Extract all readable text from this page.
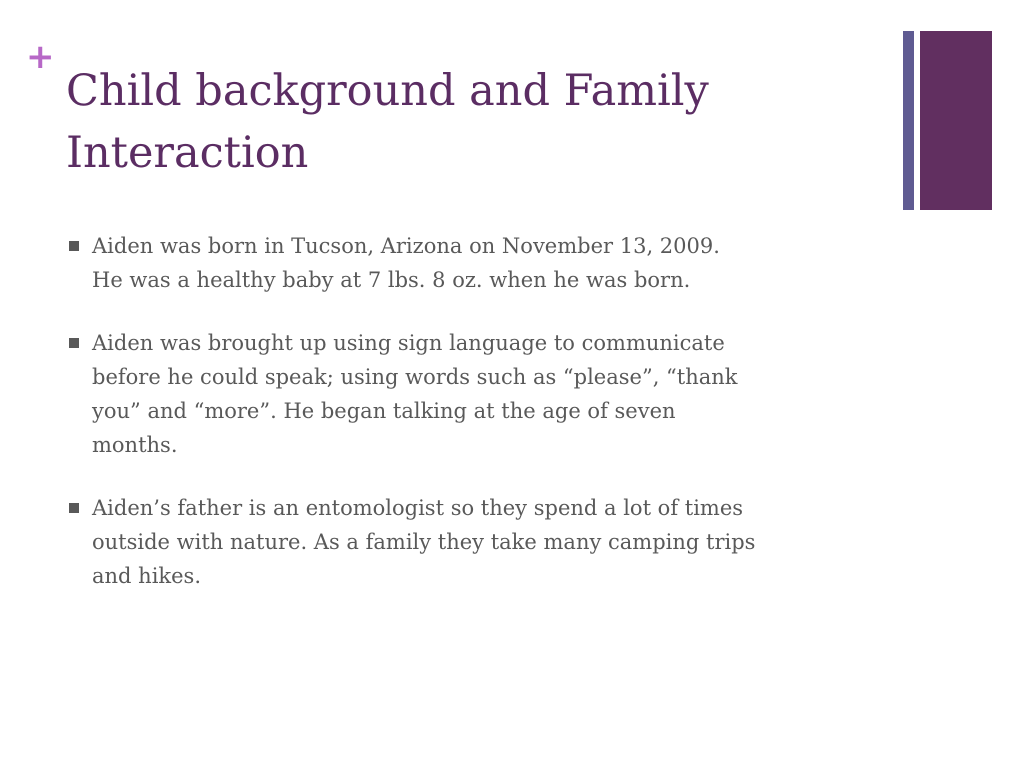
+
Child background and Family Interaction
Aiden was born in Tucson, Arizona on November 13, 2009.
He was a healthy baby at 7 lbs. 8 oz. when he was born.
Aiden was brought up using sign language to communicate
before he could speak; using words such as “please”, “thank
you” and “more”. He began talking at the age of seven
months.
Aiden’s father is an entomologist so they spend a lot of times
outside with nature. As a family they take many camping trips
and hikes.
